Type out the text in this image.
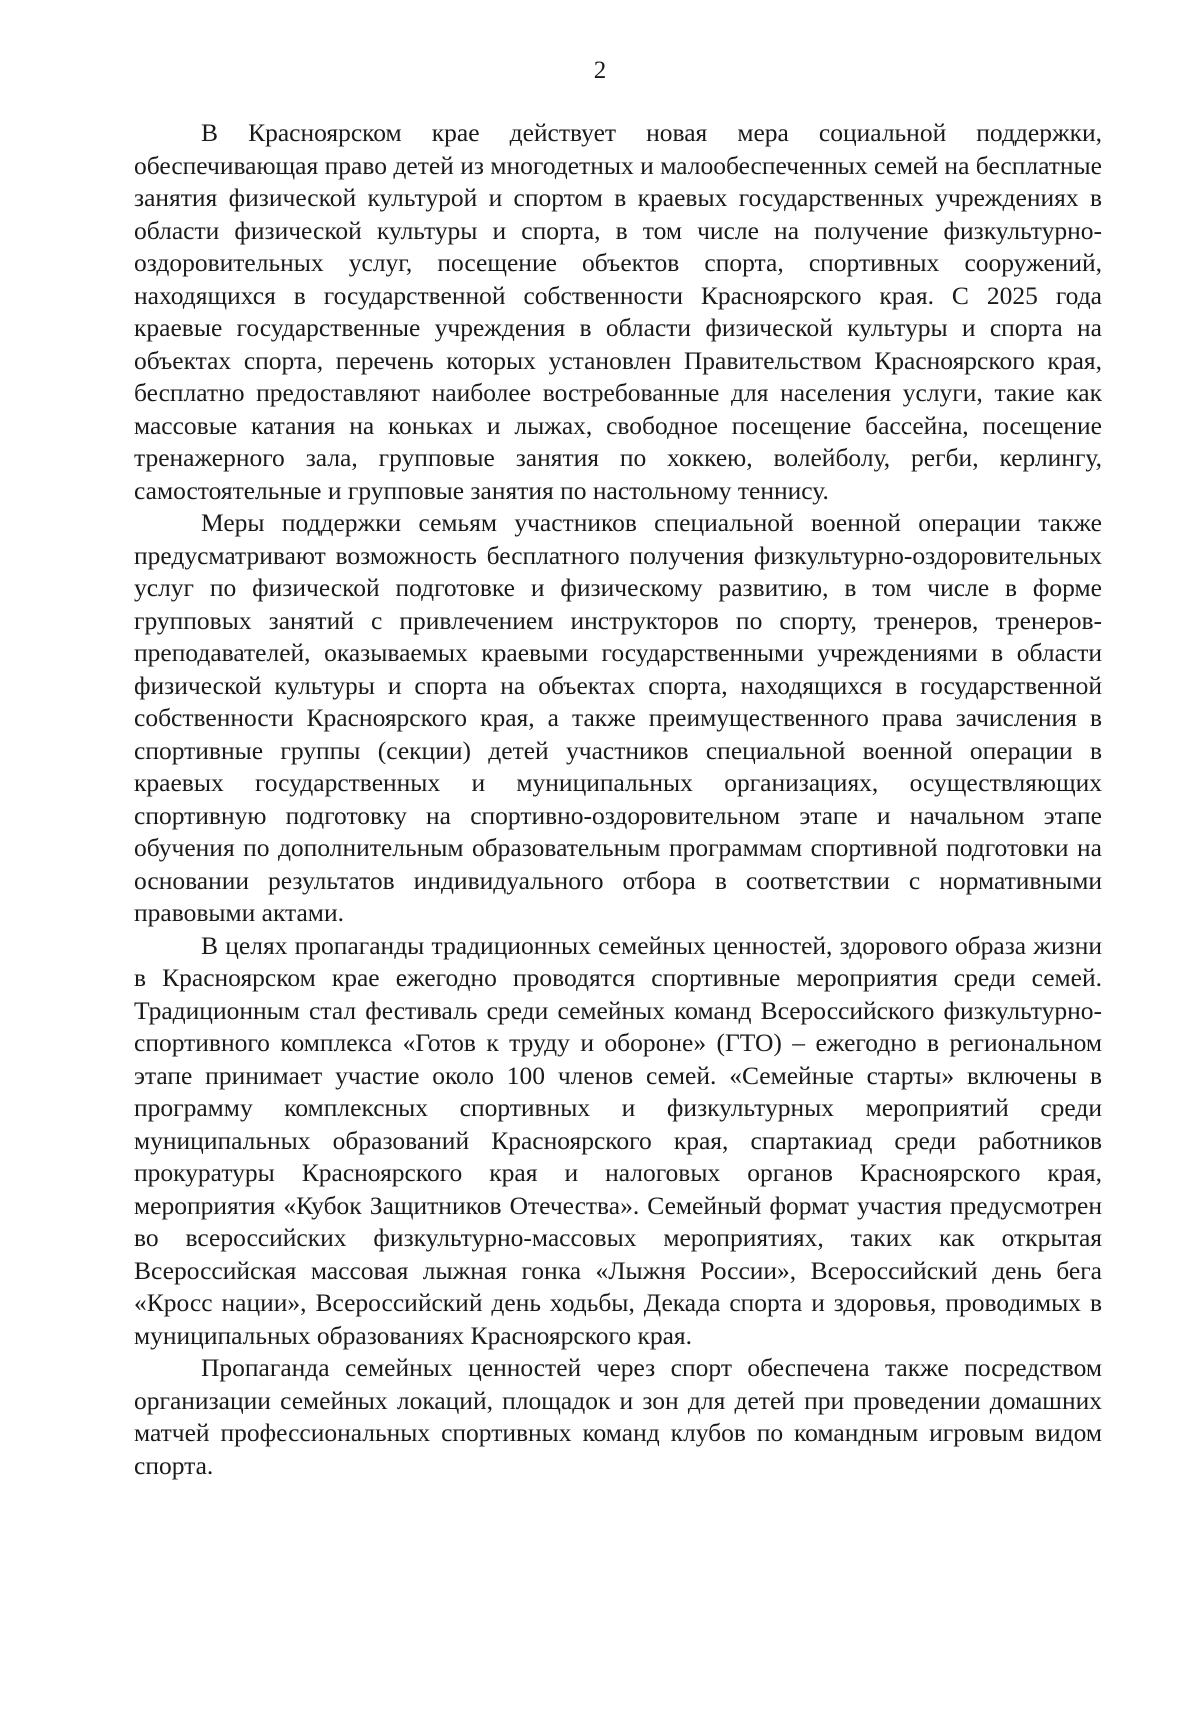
2

В Красноярском крае действует новая мера социальной поддержки, обеспечивающая право детей из многодетных и малообеспеченных семей на бесплатные занятия физической культурой и спортом в краевых государственных учреждениях в области физической культуры и спорта, в том числе на получение физкультурно-оздоровительных услуг, посещение объектов спорта, спортивных сооружений, находящихся в государственной собственности Красноярского края. С 2025 года краевые государственные учреждения в области физической культуры и спорта на объектах спорта, перечень которых установлен Правительством Красноярского края, бесплатно предоставляют наиболее востребованные для населения услуги, такие как массовые катания на коньках и лыжах, свободное посещение бассейна, посещение тренажерного зала, групповые занятия по хоккею, волейболу, регби, керлингу, самостоятельные и групповые занятия по настольному теннису.

Меры поддержки семьям участников специальной военной операции также предусматривают возможность бесплатного получения физкультурно-оздоровительных услуг по физической подготовке и физическому развитию, в том числе в форме групповых занятий с привлечением инструкторов по спорту, тренеров, тренеров-преподавателей, оказываемых краевыми государственными учреждениями в области физической культуры и спорта на объектах спорта, находящихся в государственной собственности Красноярского края, а также преимущественного права зачисления в спортивные группы (секции) детей участников специальной военной операции в краевых государственных и муниципальных организациях, осуществляющих спортивную подготовку на спортивно-оздоровительном этапе и начальном этапе обучения по дополнительным образовательным программам спортивной подготовки на основании результатов индивидуального отбора в соответствии с нормативными правовыми актами.

В целях пропаганды традиционных семейных ценностей, здорового образа жизни в Красноярском крае ежегодно проводятся спортивные мероприятия среди семей. Традиционным стал фестиваль среди семейных команд Всероссийского физкультурно-спортивного комплекса «Готов к труду и обороне» (ГТО) – ежегодно в региональном этапе принимает участие около 100 членов семей. «Семейные старты» включены в программу комплексных спортивных и физкультурных мероприятий среди муниципальных образований Красноярского края, спартакиад среди работников прокуратуры Красноярского края и налоговых органов Красноярского края, мероприятия «Кубок Защитников Отечества». Семейный формат участия предусмотрен во всероссийских физкультурно-массовых мероприятиях, таких как открытая Всероссийская массовая лыжная гонка «Лыжня России», Всероссийский день бега «Кросс нации», Всероссийский день ходьбы, Декада спорта и здоровья, проводимых в муниципальных образованиях Красноярского края.

Пропаганда семейных ценностей через спорт обеспечена также посредством организации семейных локаций, площадок и зон для детей при проведении домашних матчей профессиональных спортивных команд клубов по командным игровым видом спорта.
